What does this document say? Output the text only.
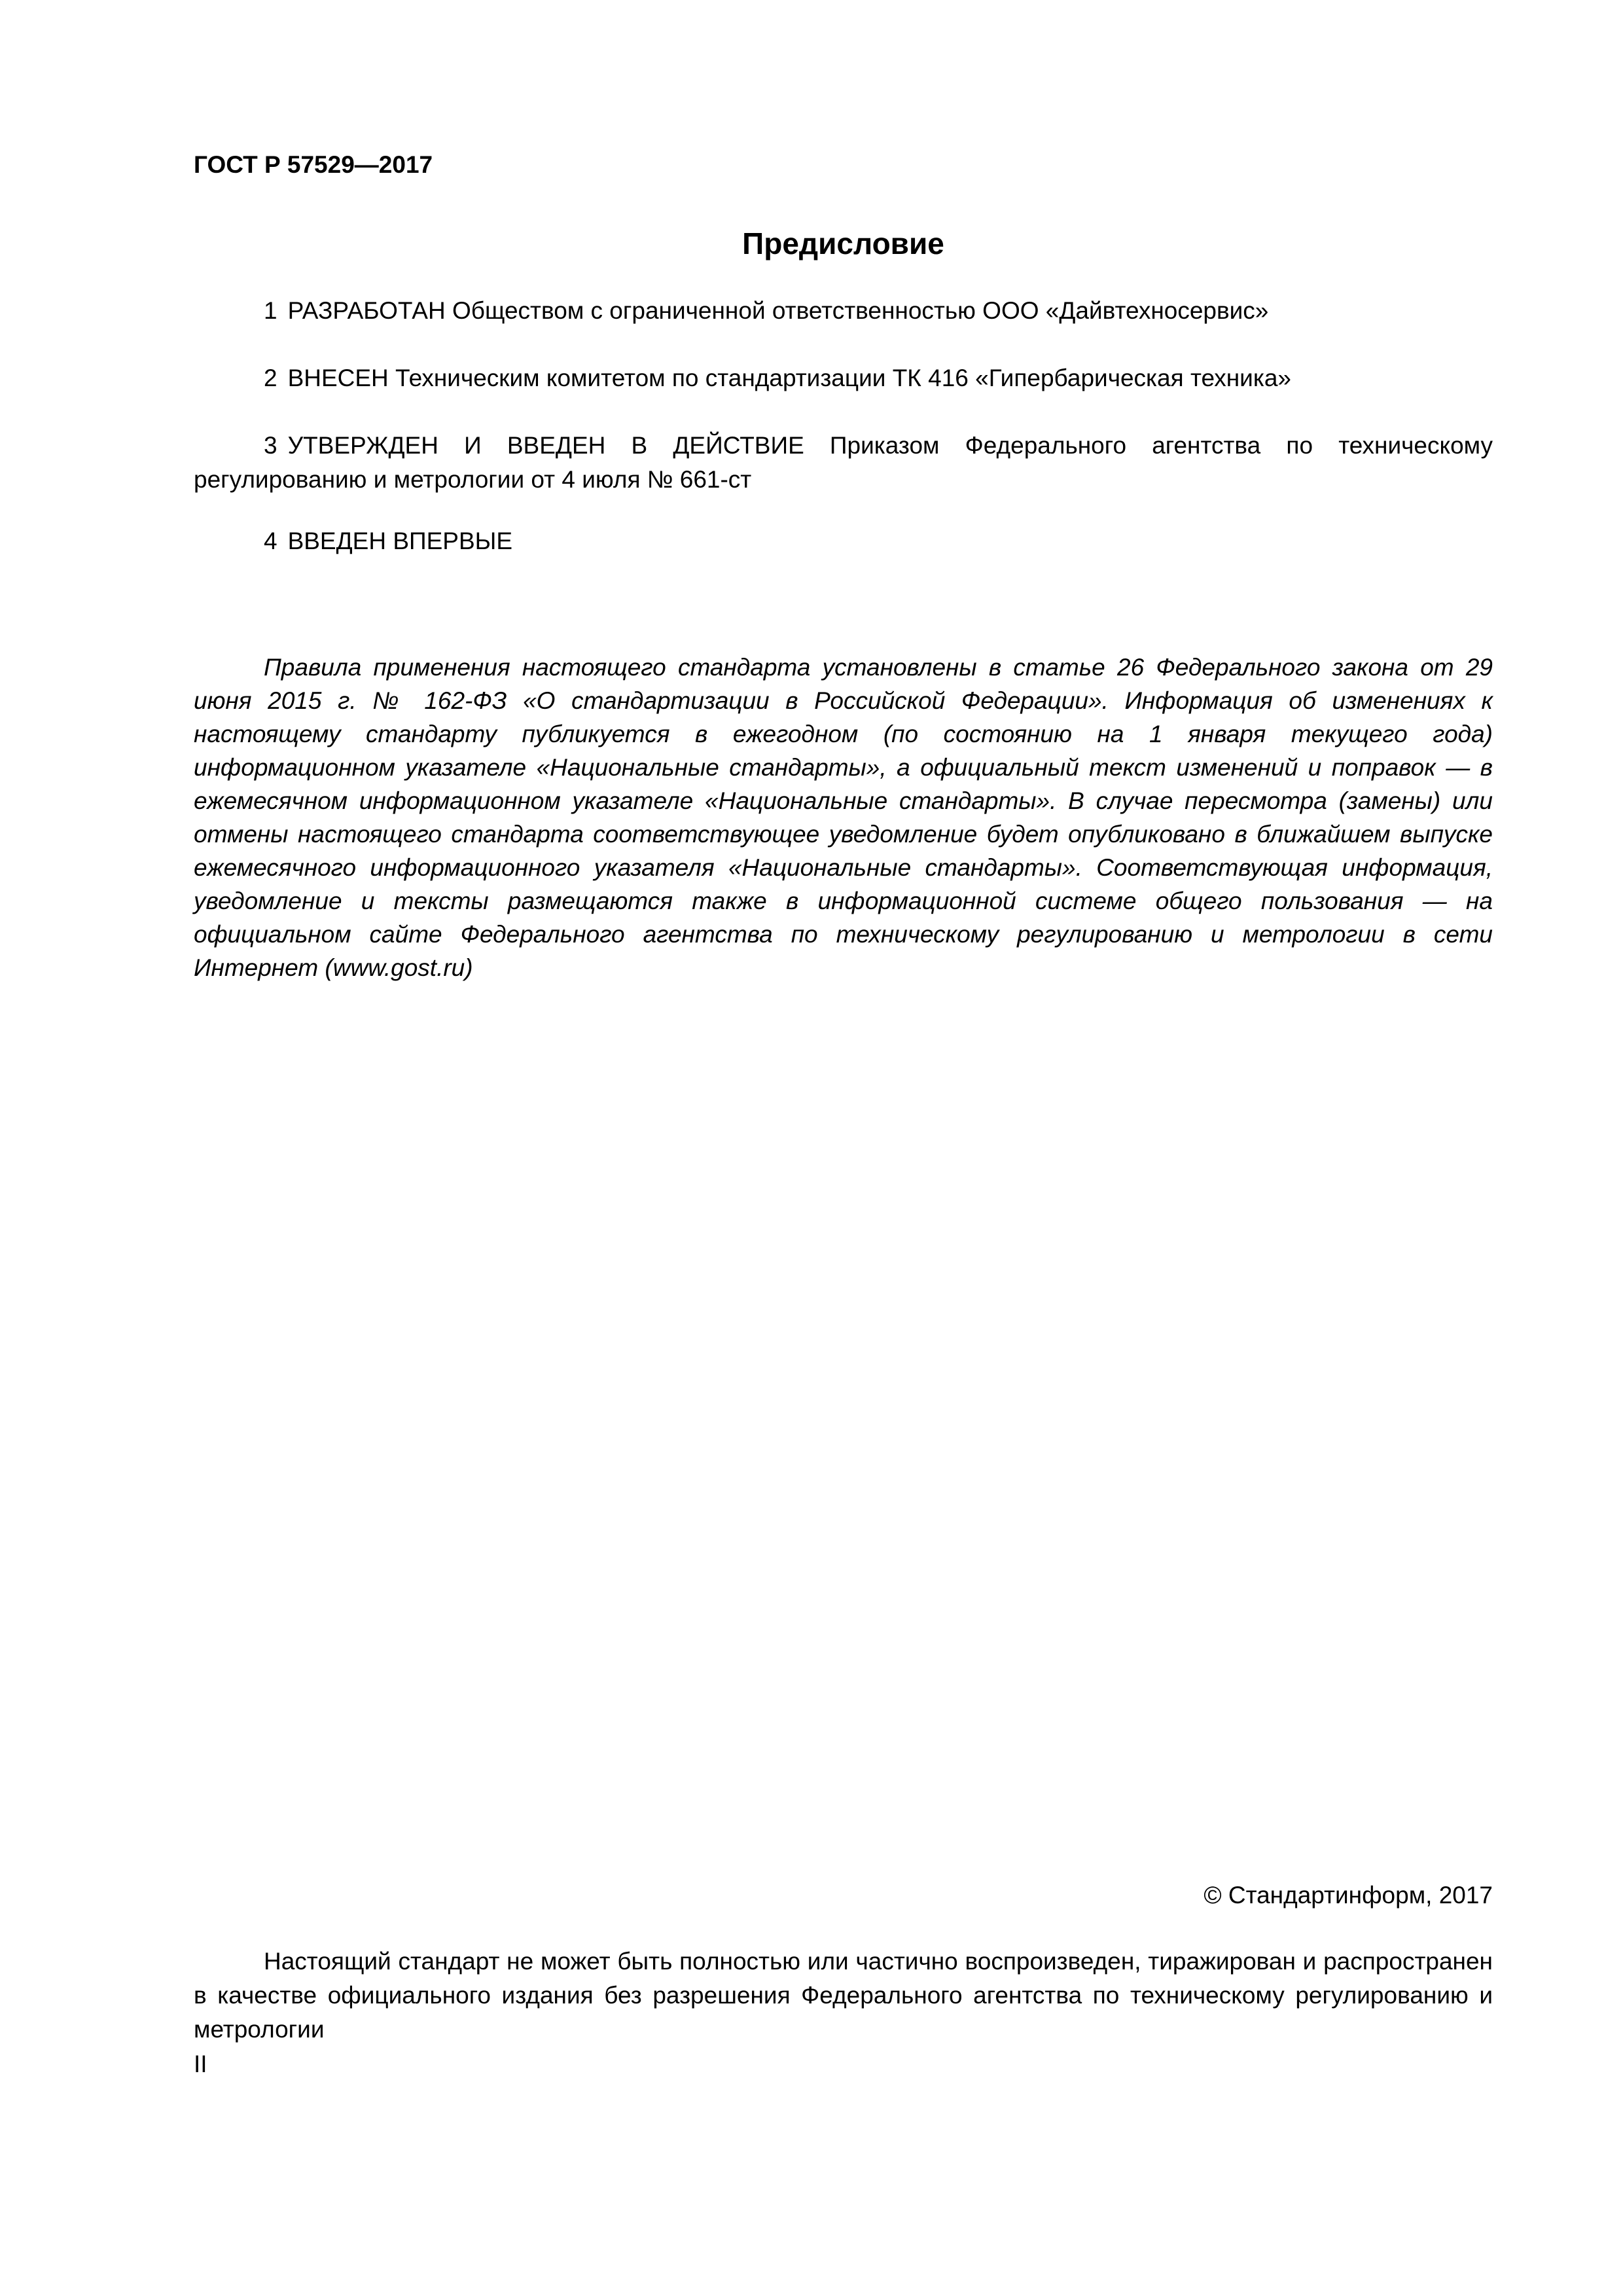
ГОСТ Р 57529—2017
Предисловие

1 РАЗРАБОТАН Обществом с ограниченной ответственностью ООО «Дайвтехносервис»

2 ВНЕСЕН Техническим комитетом по стандартизации ТК 416 «Гипербарическая техника»

3 УТВЕРЖДЕН И ВВЕДЕН В ДЕЙСТВИЕ Приказом Федерального агентства по техническому регулированию и метрологии от 4 июля № 661-ст

4 ВВЕДЕН ВПЕРВЫЕ

Правила применения настоящего стандарта установлены в статье 26 Федерального закона от 29 июня 2015 г. № 162-ФЗ «О стандартизации в Российской Федерации». Информация об изменениях к настоящему стандарту публикуется в ежегодном (по состоянию на 1 января текущего года) информационном указателе «Национальные стандарты», а официальный текст изменений и поправок — в ежемесячном информационном указателе «Национальные стандарты». В случае пересмотра (замены) или отмены настоящего стандарта соответствующее уведомление будет опубликовано в ближайшем выпуске ежемесячного информационного указателя «Национальные стандарты». Соответствующая информация, уведомление и тексты размещаются также в информационной системе общего пользования — на официальном сайте Федерального агентства по техническому регулированию и метрологии в сети Интернет (www.gost.ru)

© Стандартинформ, 2017

Настоящий стандарт не может быть полностью или частично воспроизведен, тиражирован и распространен в качестве официального издания без разрешения Федерального агентства по техническому регулированию и метрологии

II
